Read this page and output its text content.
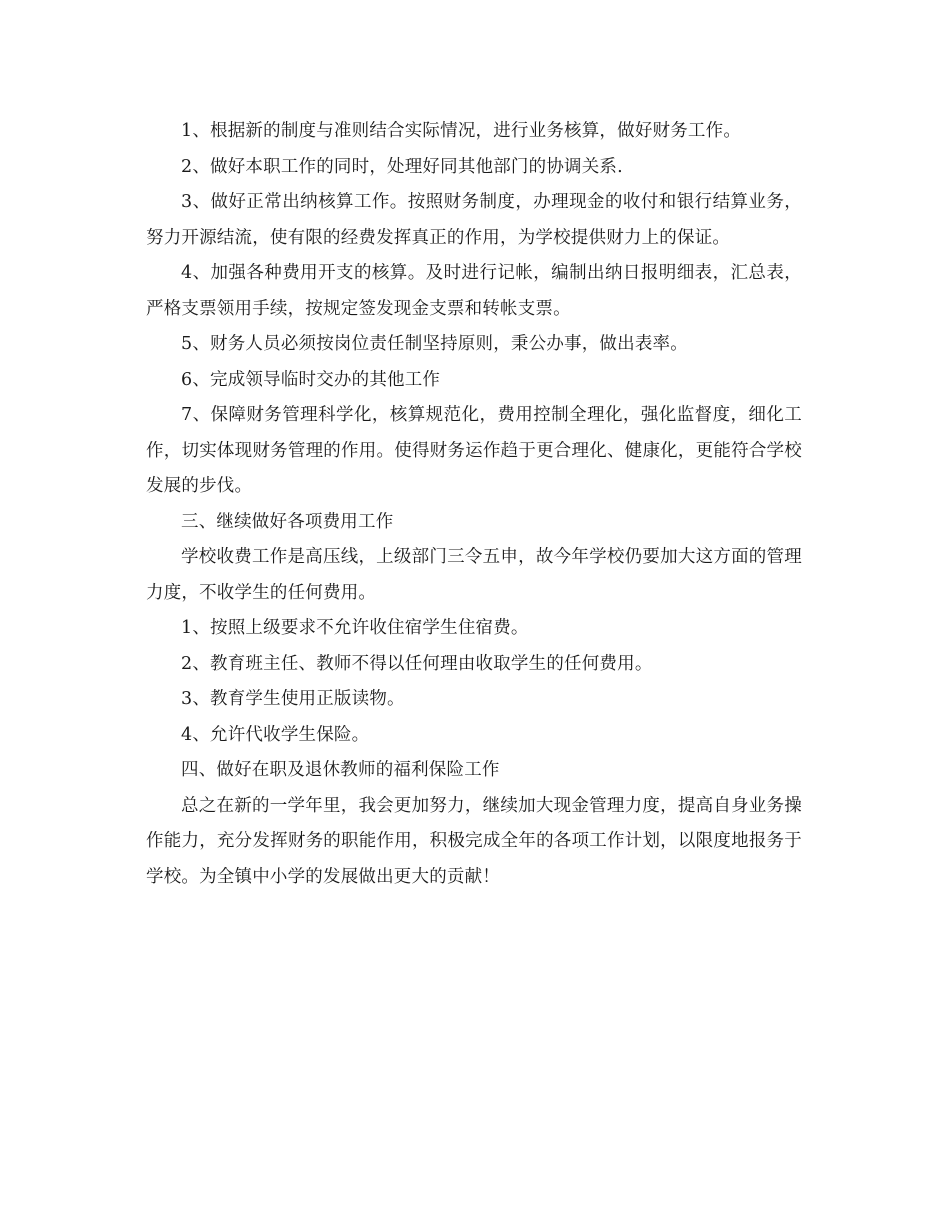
1、根据新的制度与准则结合实际情况，进行业务核算，做好财务工作。

2、做好本职工作的同时，处理好同其他部门的协调关系.

3、做好正常出纳核算工作。按照财务制度，办理现金的收付和银行结算业务，努力开源结流，使有限的经费发挥真正的作用，为学校提供财力上的保证。

4、加强各种费用开支的核算。及时进行记帐，编制出纳日报明细表，汇总表，严格支票领用手续，按规定签发现金支票和转帐支票。

5、财务人员必须按岗位责任制坚持原则，秉公办事，做出表率。

6、完成领导临时交办的其他工作

7、保障财务管理科学化，核算规范化，费用控制全理化，强化监督度，细化工作，切实体现财务管理的作用。使得财务运作趋于更合理化、健康化，更能符合学校发展的步伐。

三、继续做好各项费用工作

学校收费工作是高压线，上级部门三令五申，故今年学校仍要加大这方面的管理力度，不收学生的任何费用。

1、按照上级要求不允许收住宿学生住宿费。

2、教育班主任、教师不得以任何理由收取学生的任何费用。

3、教育学生使用正版读物。

4、允许代收学生保险。

四、做好在职及退休教师的福利保险工作

总之在新的一学年里，我会更加努力，继续加大现金管理力度，提高自身业务操作能力，充分发挥财务的职能作用，积极完成全年的各项工作计划，以限度地报务于学校。为全镇中小学的发展做出更大的贡献！
